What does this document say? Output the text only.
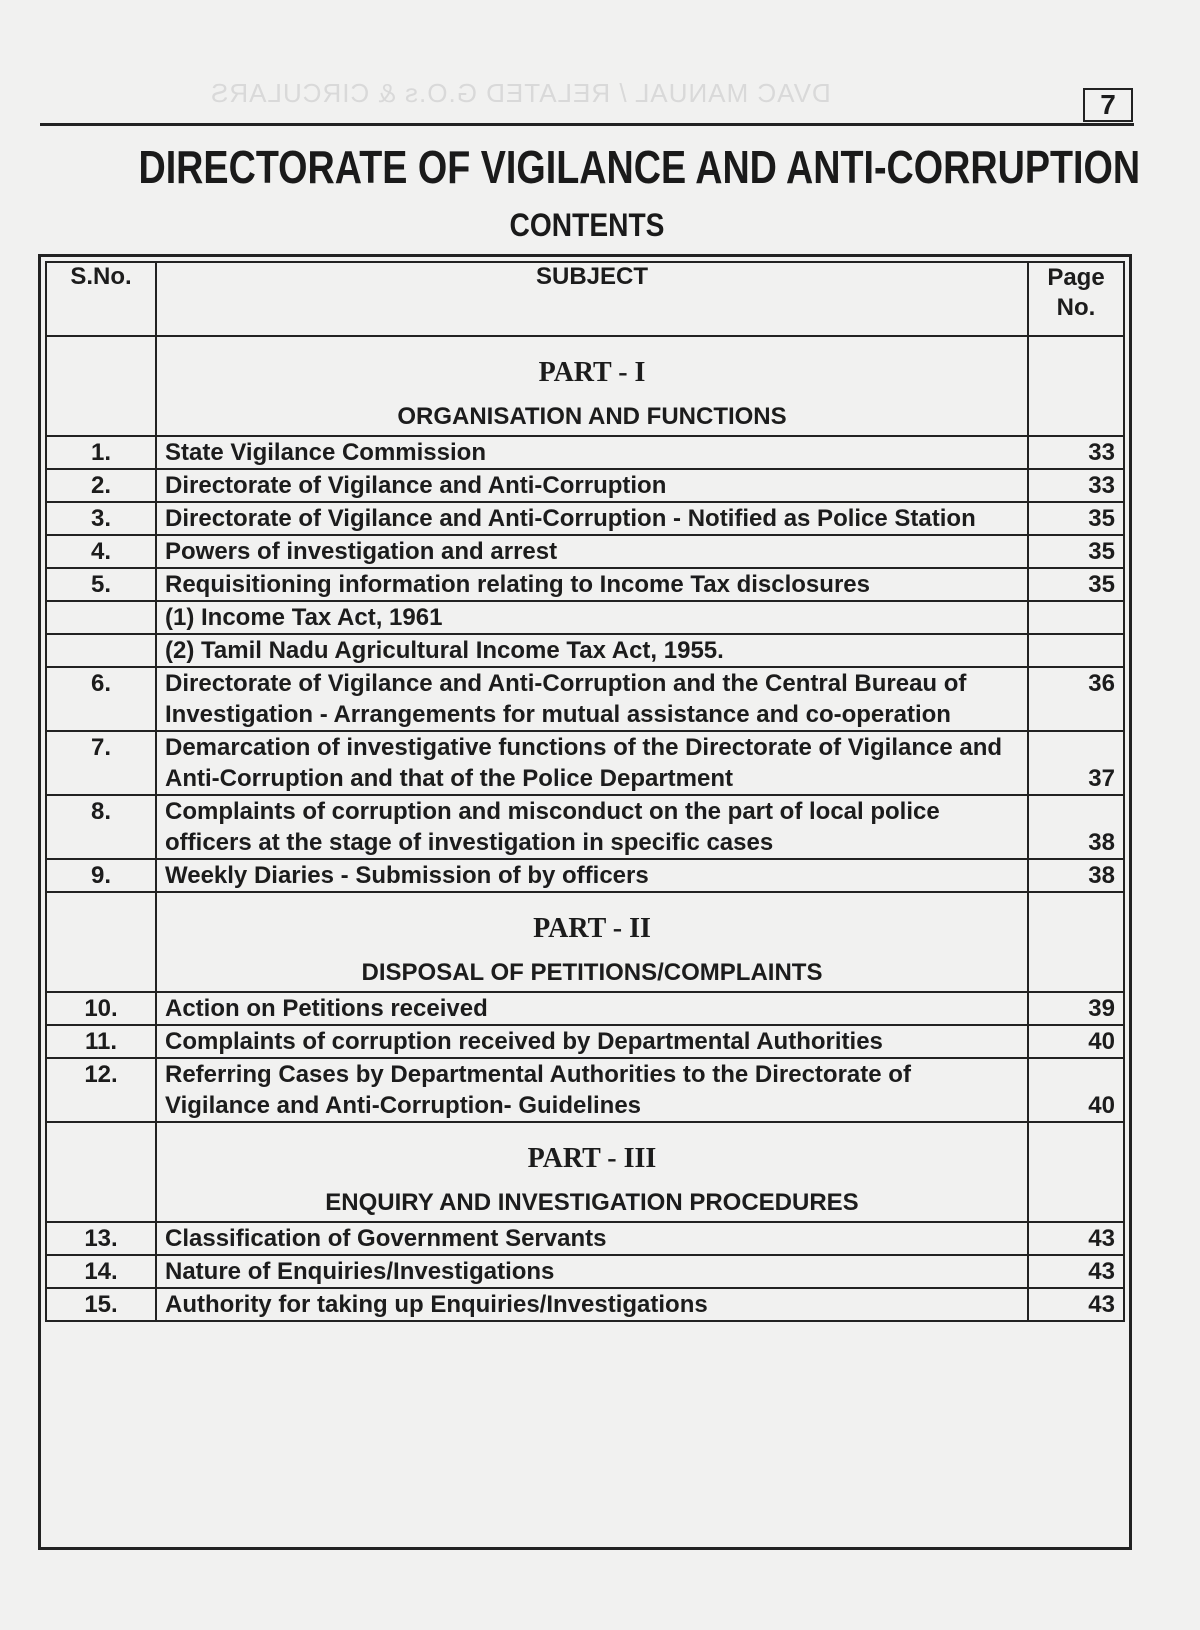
DVAC MANUAL / RELATED G.O.s & CIRCULARS	7
DIRECTORATE OF VIGILANCE AND ANTI-CORRUPTION
CONTENTS
S.No.	SUBJECT	Page No.

	PART - I
ORGANISATION AND FUNCTIONS	

1.	State Vigilance Commission	33
2.	Directorate of Vigilance and Anti-Corruption	33
3.	Directorate of Vigilance and Anti-Corruption - Notified as Police Station	35
4.	Powers of investigation and arrest	35
5.	Requisitioning information relating to Income Tax disclosures	35
	(1) Income Tax Act, 1961	
	(2) Tamil Nadu Agricultural Income Tax Act, 1955.	
6.	Directorate of Vigilance and Anti-Corruption and the Central Bureau of Investigation - Arrangements for mutual assistance and co-operation	36
7.	Demarcation of investigative functions of the Directorate of Vigilance and Anti-Corruption and that of the Police Department	37
8.	Complaints of corruption and misconduct on the part of local police officers at the stage of investigation in specific cases	38
9.	Weekly Diaries - Submission of by officers	38

	PART - II
DISPOSAL OF PETITIONS/COMPLAINTS	

10.	Action on Petitions received	39
11.	Complaints of corruption received by Departmental Authorities	40
12.	Referring Cases by Departmental Authorities to the Directorate of Vigilance and Anti-Corruption- Guidelines	40

	PART - III
ENQUIRY AND INVESTIGATION PROCEDURES	

13.	Classification of Government Servants	43
14.	Nature of Enquiries/Investigations	43
15.	Authority for taking up Enquiries/Investigations	43
